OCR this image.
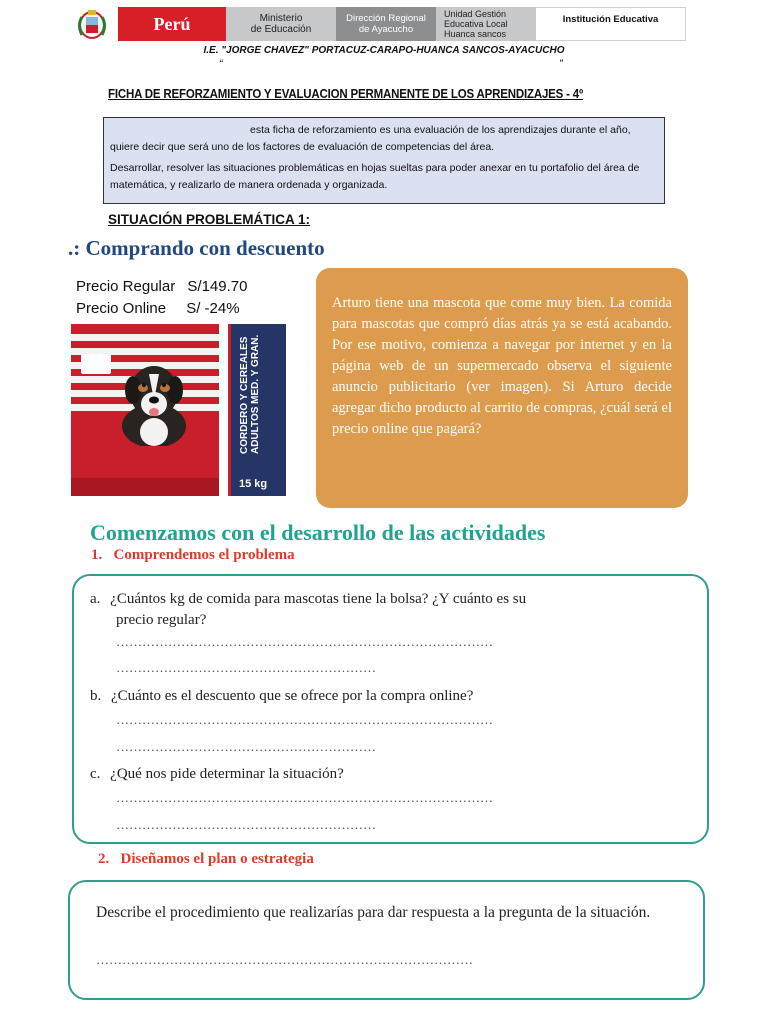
Perú	Ministerio
de Educación
Dirección Regional
de Ayacucho
Unidad Gestión
Educativa Local
Huanca sancos
Institución Educativa
I.E. "JORGE CHAVEZ" PORTACUZ-CARAPO-HUANCA SANCOS-AYACUCHO
“	”
FICHA DE REFORZAMIENTO Y EVALUACION PERMANENTE DE LOS APRENDIZAJES - 4º

esta ficha de reforzamiento es una evaluación de los aprendizajes durante el año, quiere decir que será uno de los factores de evaluación de competencias del área.

Desarrollar, resolver las situaciones problemáticas en hojas sueltas para poder anexar en tu portafolio del área de matemática, y realizarlo de manera ordenada y organizada.

SITUACIÓN PROBLEMÁTICA 1:
.: Comprando con descuento
Precio Regular S/149.70
Precio Online S/ -24%
CORDERO Y CEREALES ADULTOS MED. Y GRAN.
15 kg
Arturo tiene una mascota que come muy bien. La comida para mascotas que compró días atrás ya se está acabando. Por ese motivo, comienza a navegar por internet y en la página web de un supermercado observa el siguiente anuncio publicitario (ver imagen). Si Arturo decide agregar dicho producto al carrito de compras, ¿cuál será el precio online que pagará?
Comenzamos con el desarrollo de las actividades
1.   Comprendemos el problema
a. ¿Cuántos kg de comida para mascotas tiene la bolsa? ¿Y cuánto es su
precio regular?
……………………………………………………………………………
……………………………………………………
b. ¿Cuánto es el descuento que se ofrece por la compra online?
……………………………………………………………………………
……………………………………………………
c. ¿Qué nos pide determinar la situación?
……………………………………………………………………………
……………………………………………………
2.   Diseñamos el plan o estrategia
Describe el procedimiento que realizarías para dar respuesta a la pregunta de la situación.
……………………………………………………………………………
